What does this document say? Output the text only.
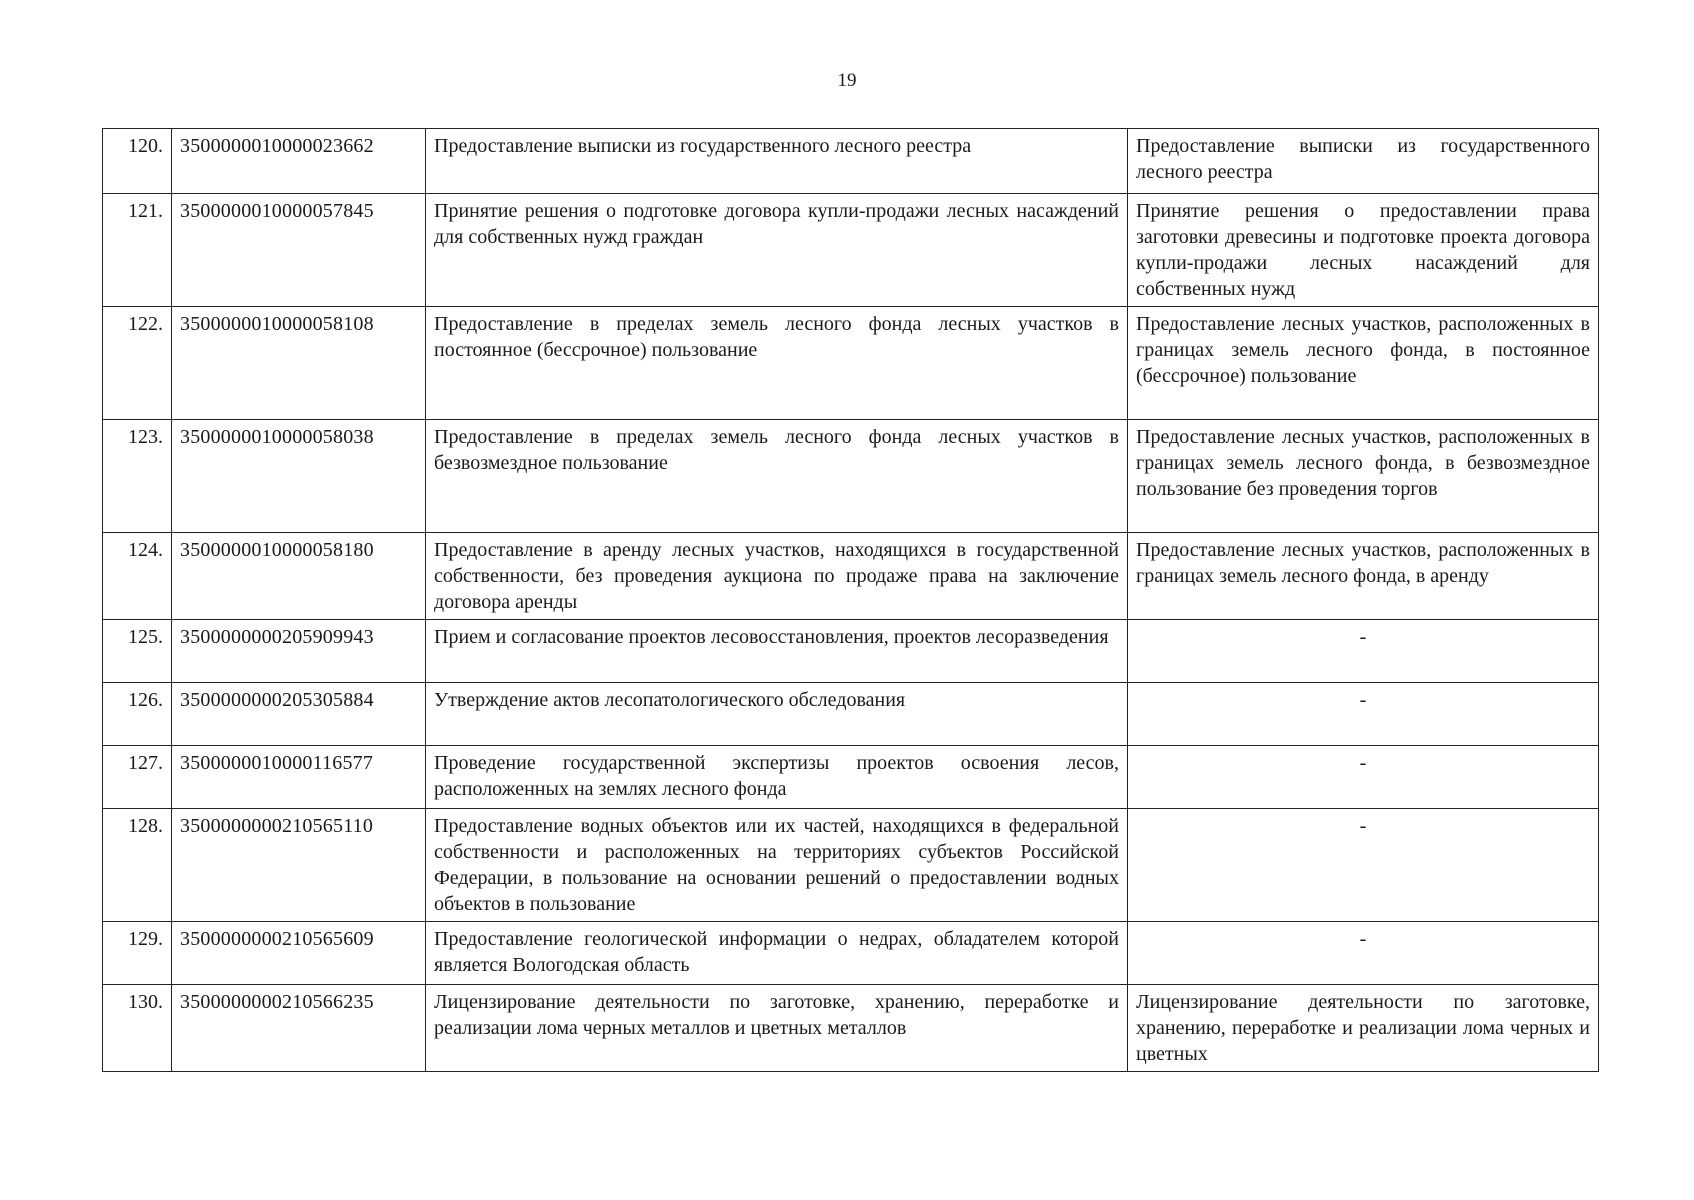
19
120.	3500000010000023662	Предоставление выписки из государственного лесного реестра	Предоставление выписки из государственного лесного реестра
121.	3500000010000057845	Принятие решения о подготовке договора купли-продажи лесных насаждений для собственных нужд граждан	Принятие решения о предоставлении права заготовки древесины и подготовке проекта договора купли-продажи лесных насаждений для собственных нужд
122.	3500000010000058108	Предоставление в пределах земель лесного фонда лесных участков в постоянное (бессрочное) пользование	Предоставление лесных участков, расположенных в границах земель лесного фонда, в постоянное (бессрочное) пользование
123.	3500000010000058038	Предоставление в пределах земель лесного фонда лесных участков в безвозмездное пользование	Предоставление лесных участков, расположенных в границах земель лесного фонда, в безвозмездное пользование без проведения торгов
124.	3500000010000058180	Предоставление в аренду лесных участков, находящихся в государственной собственности, без проведения аукциона по продаже права на заключение договора аренды	Предоставление лесных участков, расположенных в границах земель лесного фонда, в аренду
125.	3500000000205909943	Прием и согласование проектов лесовосстановления, проектов лесоразведения	-
126.	3500000000205305884	Утверждение актов лесопатологического обследования	-
127.	3500000010000116577	Проведение государственной экспертизы проектов освоения лесов, расположенных на землях лесного фонда	-
128.	3500000000210565110	Предоставление водных объектов или их частей, находящихся в федеральной собственности и расположенных на территориях субъектов Российской Федерации, в пользование на основании решений о предоставлении водных объектов в пользование	-
129.	3500000000210565609	Предоставление геологической информации о недрах, обладателем которой является Вологодская область	-
130.	3500000000210566235	Лицензирование деятельности по заготовке, хранению, переработке и реализации лома черных металлов и цветных металлов	Лицензирование деятельности по заготовке, хранению, переработке и реализации лома черных и цветных
